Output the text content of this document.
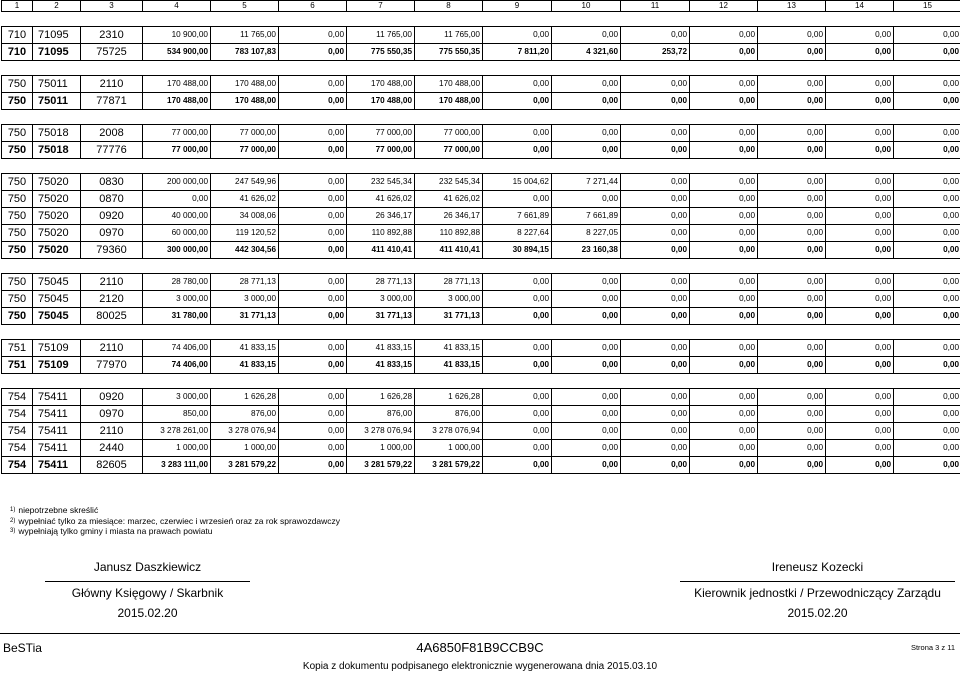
1	2	3	4	5	6	7	8	9	10	11	12	13	14	15

710	71095	2310	10 900,00	11 765,00	0,00	11 765,00	11 765,00	0,00	0,00	0,00	0,00	0,00	0,00	0,00
710	71095	75725	534 900,00	783 107,83	0,00	775 550,35	775 550,35	7 811,20	4 321,60	253,72	0,00	0,00	0,00	0,00

750	75011	2110	170 488,00	170 488,00	0,00	170 488,00	170 488,00	0,00	0,00	0,00	0,00	0,00	0,00	0,00
750	75011	77871	170 488,00	170 488,00	0,00	170 488,00	170 488,00	0,00	0,00	0,00	0,00	0,00	0,00	0,00

750	75018	2008	77 000,00	77 000,00	0,00	77 000,00	77 000,00	0,00	0,00	0,00	0,00	0,00	0,00	0,00
750	75018	77776	77 000,00	77 000,00	0,00	77 000,00	77 000,00	0,00	0,00	0,00	0,00	0,00	0,00	0,00

750	75020	0830	200 000,00	247 549,96	0,00	232 545,34	232 545,34	15 004,62	7 271,44	0,00	0,00	0,00	0,00	0,00
750	75020	0870	0,00	41 626,02	0,00	41 626,02	41 626,02	0,00	0,00	0,00	0,00	0,00	0,00	0,00
750	75020	0920	40 000,00	34 008,06	0,00	26 346,17	26 346,17	7 661,89	7 661,89	0,00	0,00	0,00	0,00	0,00
750	75020	0970	60 000,00	119 120,52	0,00	110 892,88	110 892,88	8 227,64	8 227,05	0,00	0,00	0,00	0,00	0,00
750	75020	79360	300 000,00	442 304,56	0,00	411 410,41	411 410,41	30 894,15	23 160,38	0,00	0,00	0,00	0,00	0,00

750	75045	2110	28 780,00	28 771,13	0,00	28 771,13	28 771,13	0,00	0,00	0,00	0,00	0,00	0,00	0,00
750	75045	2120	3 000,00	3 000,00	0,00	3 000,00	3 000,00	0,00	0,00	0,00	0,00	0,00	0,00	0,00
750	75045	80025	31 780,00	31 771,13	0,00	31 771,13	31 771,13	0,00	0,00	0,00	0,00	0,00	0,00	0,00

751	75109	2110	74 406,00	41 833,15	0,00	41 833,15	41 833,15	0,00	0,00	0,00	0,00	0,00	0,00	0,00
751	75109	77970	74 406,00	41 833,15	0,00	41 833,15	41 833,15	0,00	0,00	0,00	0,00	0,00	0,00	0,00

754	75411	0920	3 000,00	1 626,28	0,00	1 626,28	1 626,28	0,00	0,00	0,00	0,00	0,00	0,00	0,00
754	75411	0970	850,00	876,00	0,00	876,00	876,00	0,00	0,00	0,00	0,00	0,00	0,00	0,00
754	75411	2110	3 278 261,00	3 278 076,94	0,00	3 278 076,94	3 278 076,94	0,00	0,00	0,00	0,00	0,00	0,00	0,00
754	75411	2440	1 000,00	1 000,00	0,00	1 000,00	1 000,00	0,00	0,00	0,00	0,00	0,00	0,00	0,00
754	75411	82605	3 283 111,00	3 281 579,22	0,00	3 281 579,22	3 281 579,22	0,00	0,00	0,00	0,00	0,00	0,00	0,00
$^{1)}$ niepotrzebne skreślić
$^{2)}$ wypełniać tylko za miesiące: marzec, czerwiec i wrzesień oraz za rok sprawozdawczy
$^{3)}$ wypełniają tylko gminy i miasta na prawach powiatu
Janusz Daszkiewicz
Główny Księgowy / Skarbnik
2015.02.20
Ireneusz Kozecki
Kierownik jednostki / Przewodniczący Zarządu
2015.02.20
BeSTia	4A6850F81B9CCB9C	Strona 3 z 11
Kopia z dokumentu podpisanego elektronicznie wygenerowana dnia 2015.03.10
